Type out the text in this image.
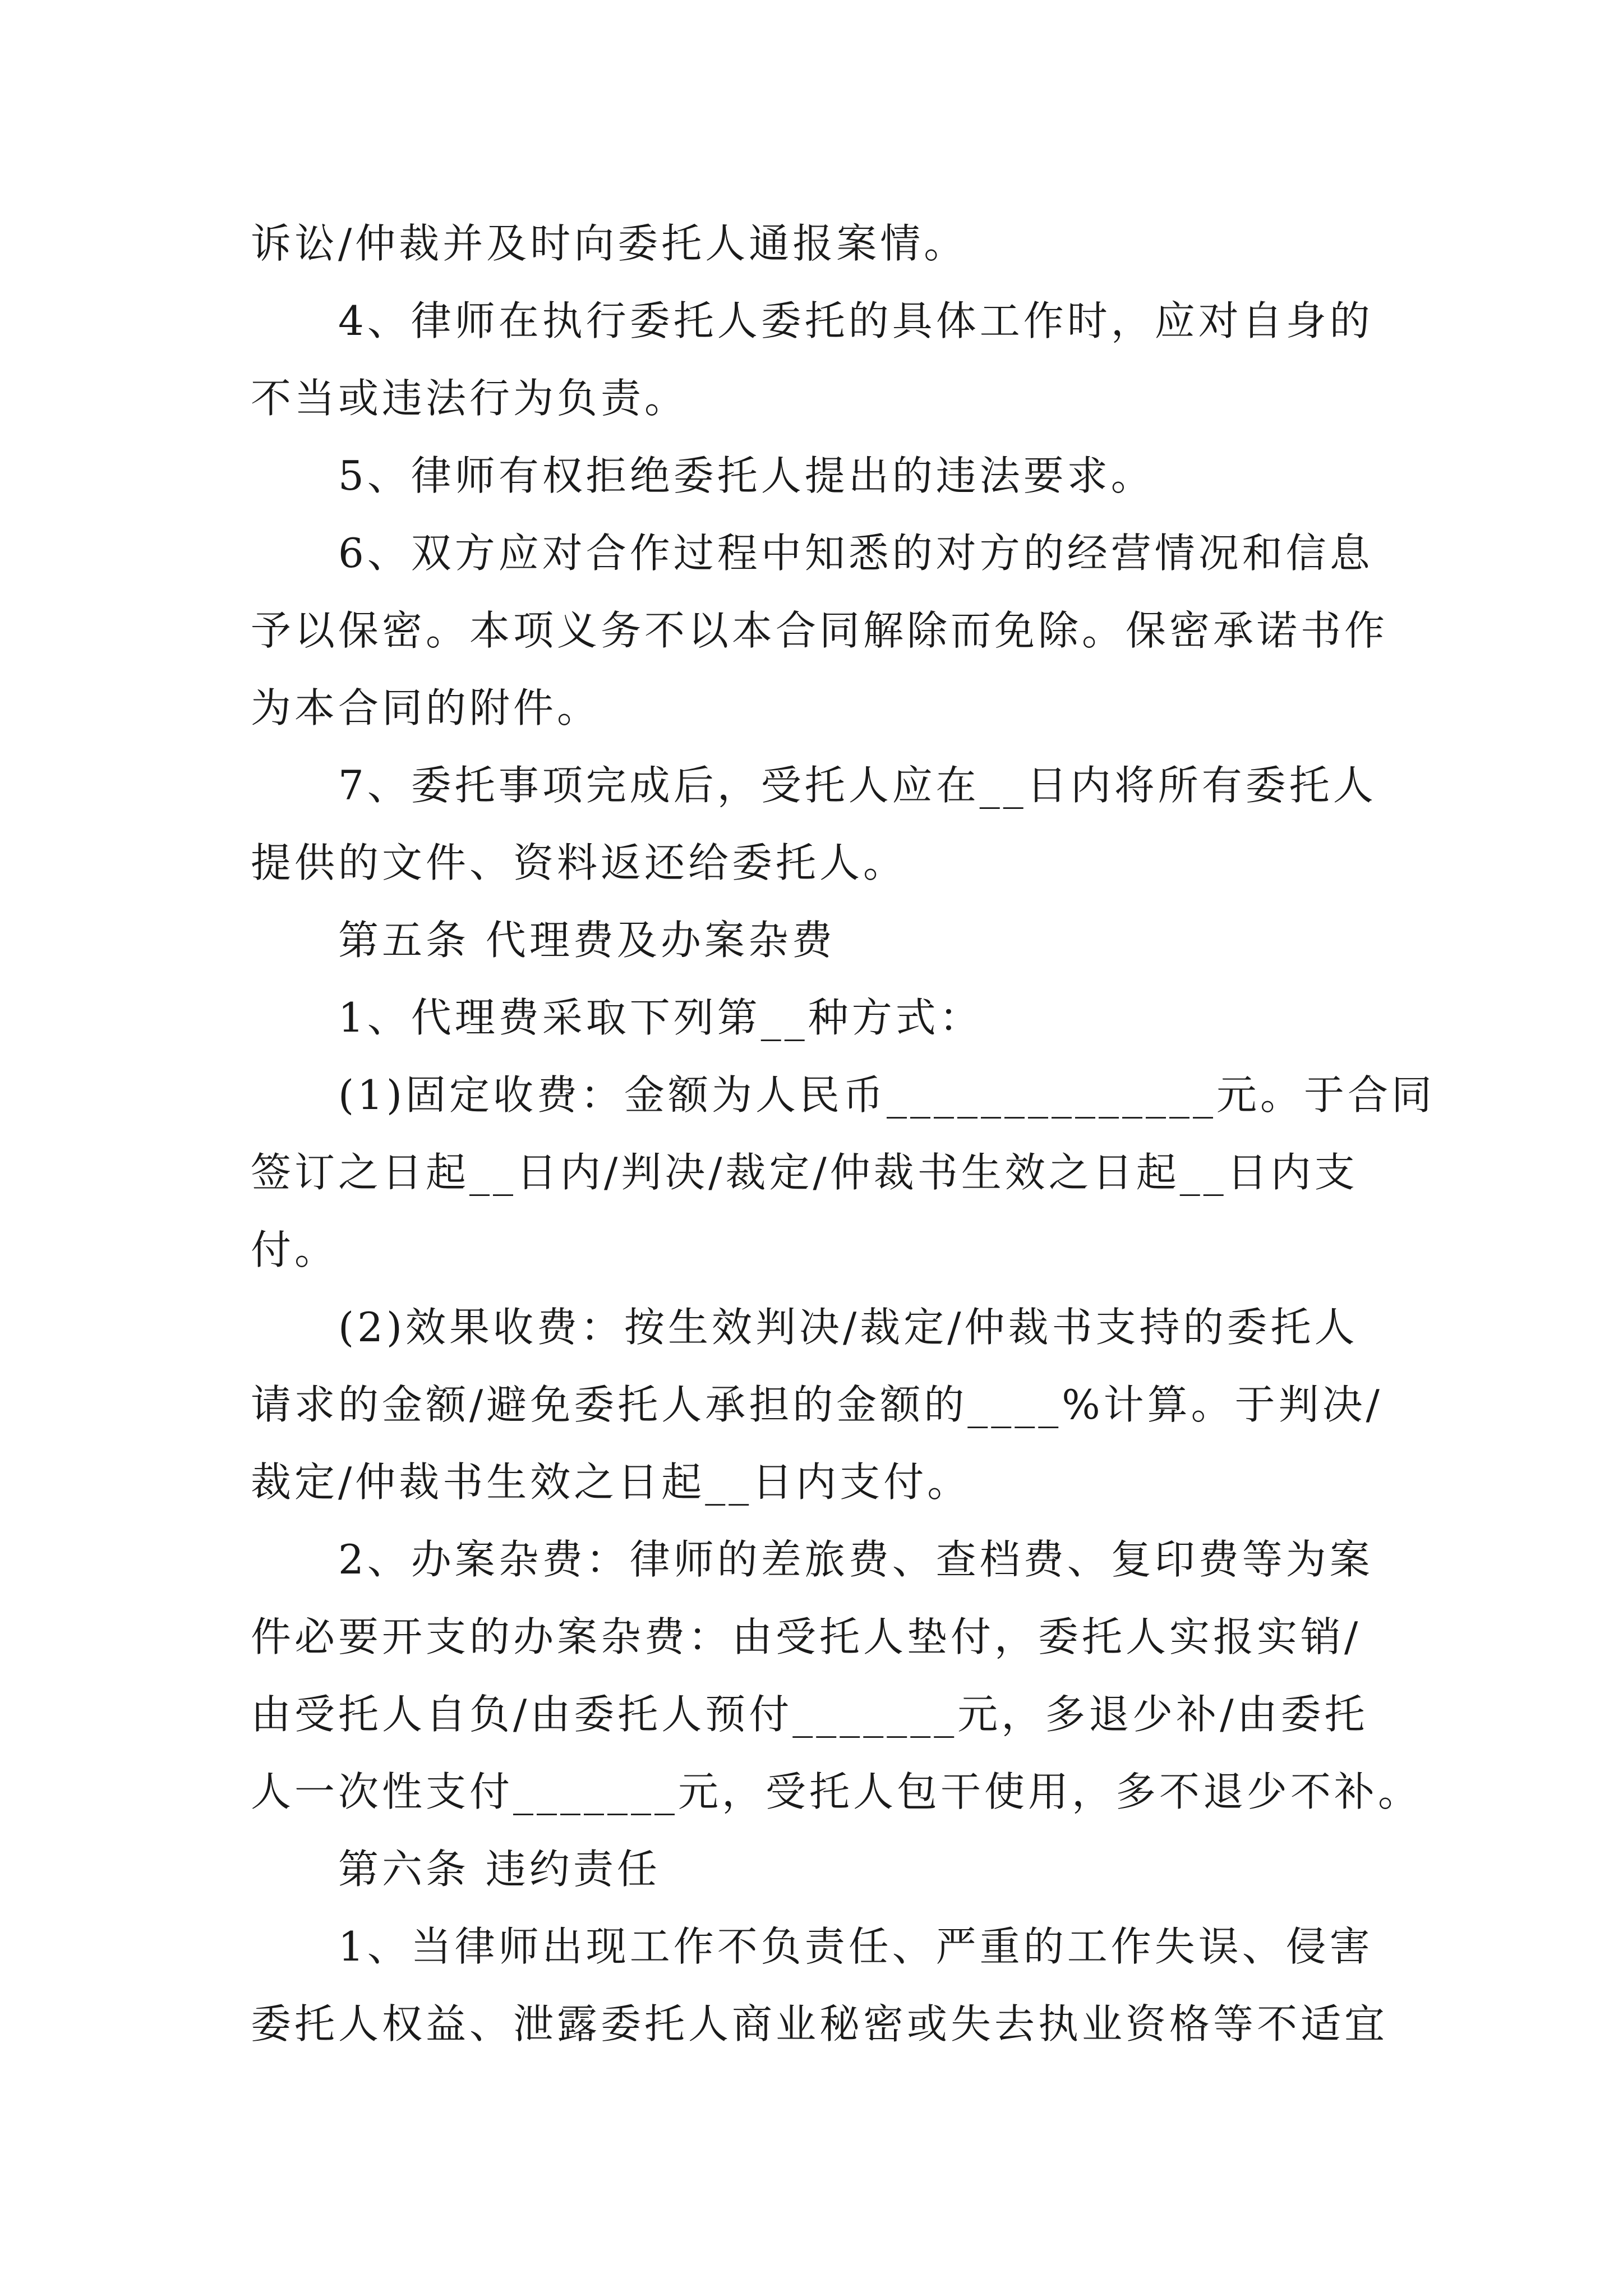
诉讼/仲裁并及时向委托人通报案情。
4、律师在执行委托人委托的具体工作时，应对自身的
不当或违法行为负责。
5、律师有权拒绝委托人提出的违法要求。
6、双方应对合作过程中知悉的对方的经营情况和信息
予以保密。本项义务不以本合同解除而免除。保密承诺书作
为本合同的附件。
7、委托事项完成后，受托人应在__日内将所有委托人
提供的文件、资料返还给委托人。
第五条 代理费及办案杂费
1、代理费采取下列第__种方式：
(1)固定收费：金额为人民币______________元。于合同
签订之日起__日内/判决/裁定/仲裁书生效之日起__日内支
付。
(2)效果收费：按生效判决/裁定/仲裁书支持的委托人
请求的金额/避免委托人承担的金额的____%计算。于判决/
裁定/仲裁书生效之日起__日内支付。
2、办案杂费：律师的差旅费、查档费、复印费等为案
件必要开支的办案杂费：由受托人垫付，委托人实报实销/
由受托人自负/由委托人预付_______元，多退少补/由委托
人一次性支付_______元，受托人包干使用，多不退少不补。
第六条 违约责任
1、当律师出现工作不负责任、严重的工作失误、侵害
委托人权益、泄露委托人商业秘密或失去执业资格等不适宜
